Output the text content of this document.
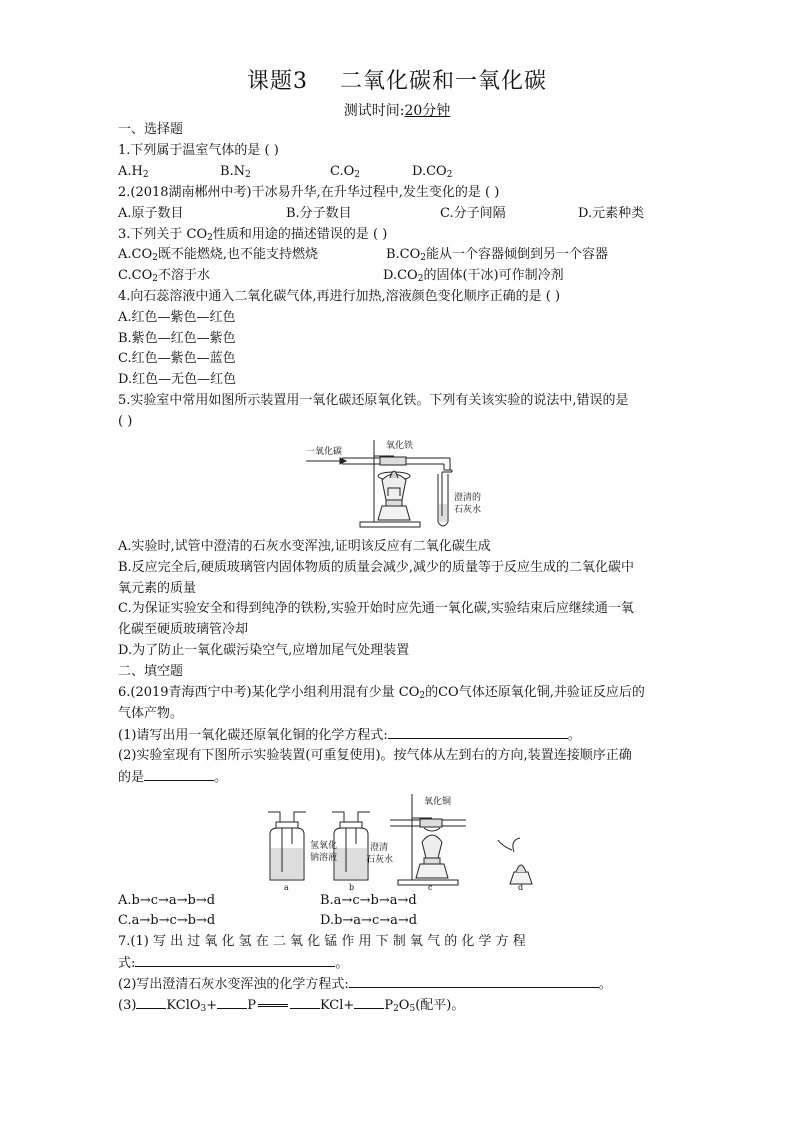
课题3    二氧化碳和一氧化碳
测试时间:20分钟
一、选择题
1.下列属于温室气体的是 ( )
$A.H_2$	$B.N_2$	$C.O_2$	$D.CO_2$
2.(2018湖南郴州中考)干冰易升华,在升华过程中,发生变化的是 ( )
A.原子数目	B.分子数目	C.分子间隔	D.元素种类
3.下列关于 $CO_2$性质和用途的描述错误的是 ( )
$A.CO_2$既不能燃烧,也不能支持燃烧	$B.CO_2$能从一个容器倾倒到另一个容器
$C.CO_2$不溶于水	$D.CO_2$的固体(干冰)可作制冷剂
4.向石蕊溶液中通入二氧化碳气体,再进行加热,溶液颜色变化顺序正确的是 ( )
A.红色—紫色—红色
B.紫色—红色—紫色
C.红色—紫色—蓝色
D.红色—无色—红色
5.实验室中常用如图所示装置用一氧化碳还原氧化铁。下列有关该实验的说法中,错误的是
( )
一氧化碳
氧化铁
澄清的
石灰水
A.实验时,试管中澄清的石灰水变浑浊,证明该反应有二氧化碳生成
B.反应完全后,硬质玻璃管内固体物质的质量会减少,减少的质量等于反应生成的二氧化碳中
氧元素的质量
C.为保证实验安全和得到纯净的铁粉,实验开始时应先通一氧化碳,实验结束后应继续通一氧
化碳至硬质玻璃管冷却
D.为了防止一氧化碳污染空气,应增加尾气处理装置
二、填空题
6.(2019青海西宁中考)某化学小组利用混有少量 $CO_2$的CO气体还原氧化铜,并验证反应后的
气体产物。
(1)请写出用一氧化碳还原氧化铜的化学方程式:	。
(2)实验室现有下图所示实验装置(可重复使用)。按气体从左到右的方向,装置连接顺序正确
的是	。
氢氧化
钠溶液
澄清
石灰水
氧化铜
a	b	c	d
A.b→c→a→b→d	B.a→c→b→a→d
C.a→b→c→b→d	D.b→a→c→a→d
7.(1) 写 出 过 氧 化 氢 在 二 氧 化 锰 作 用 下 制 氧 气 的 化 学 方 程
式:	。
(2)写出澄清石灰水变浑浊的化学方程式:	。
(3) KClO$_3$+ P	$KCl+ P_2O_5$(配平)。
